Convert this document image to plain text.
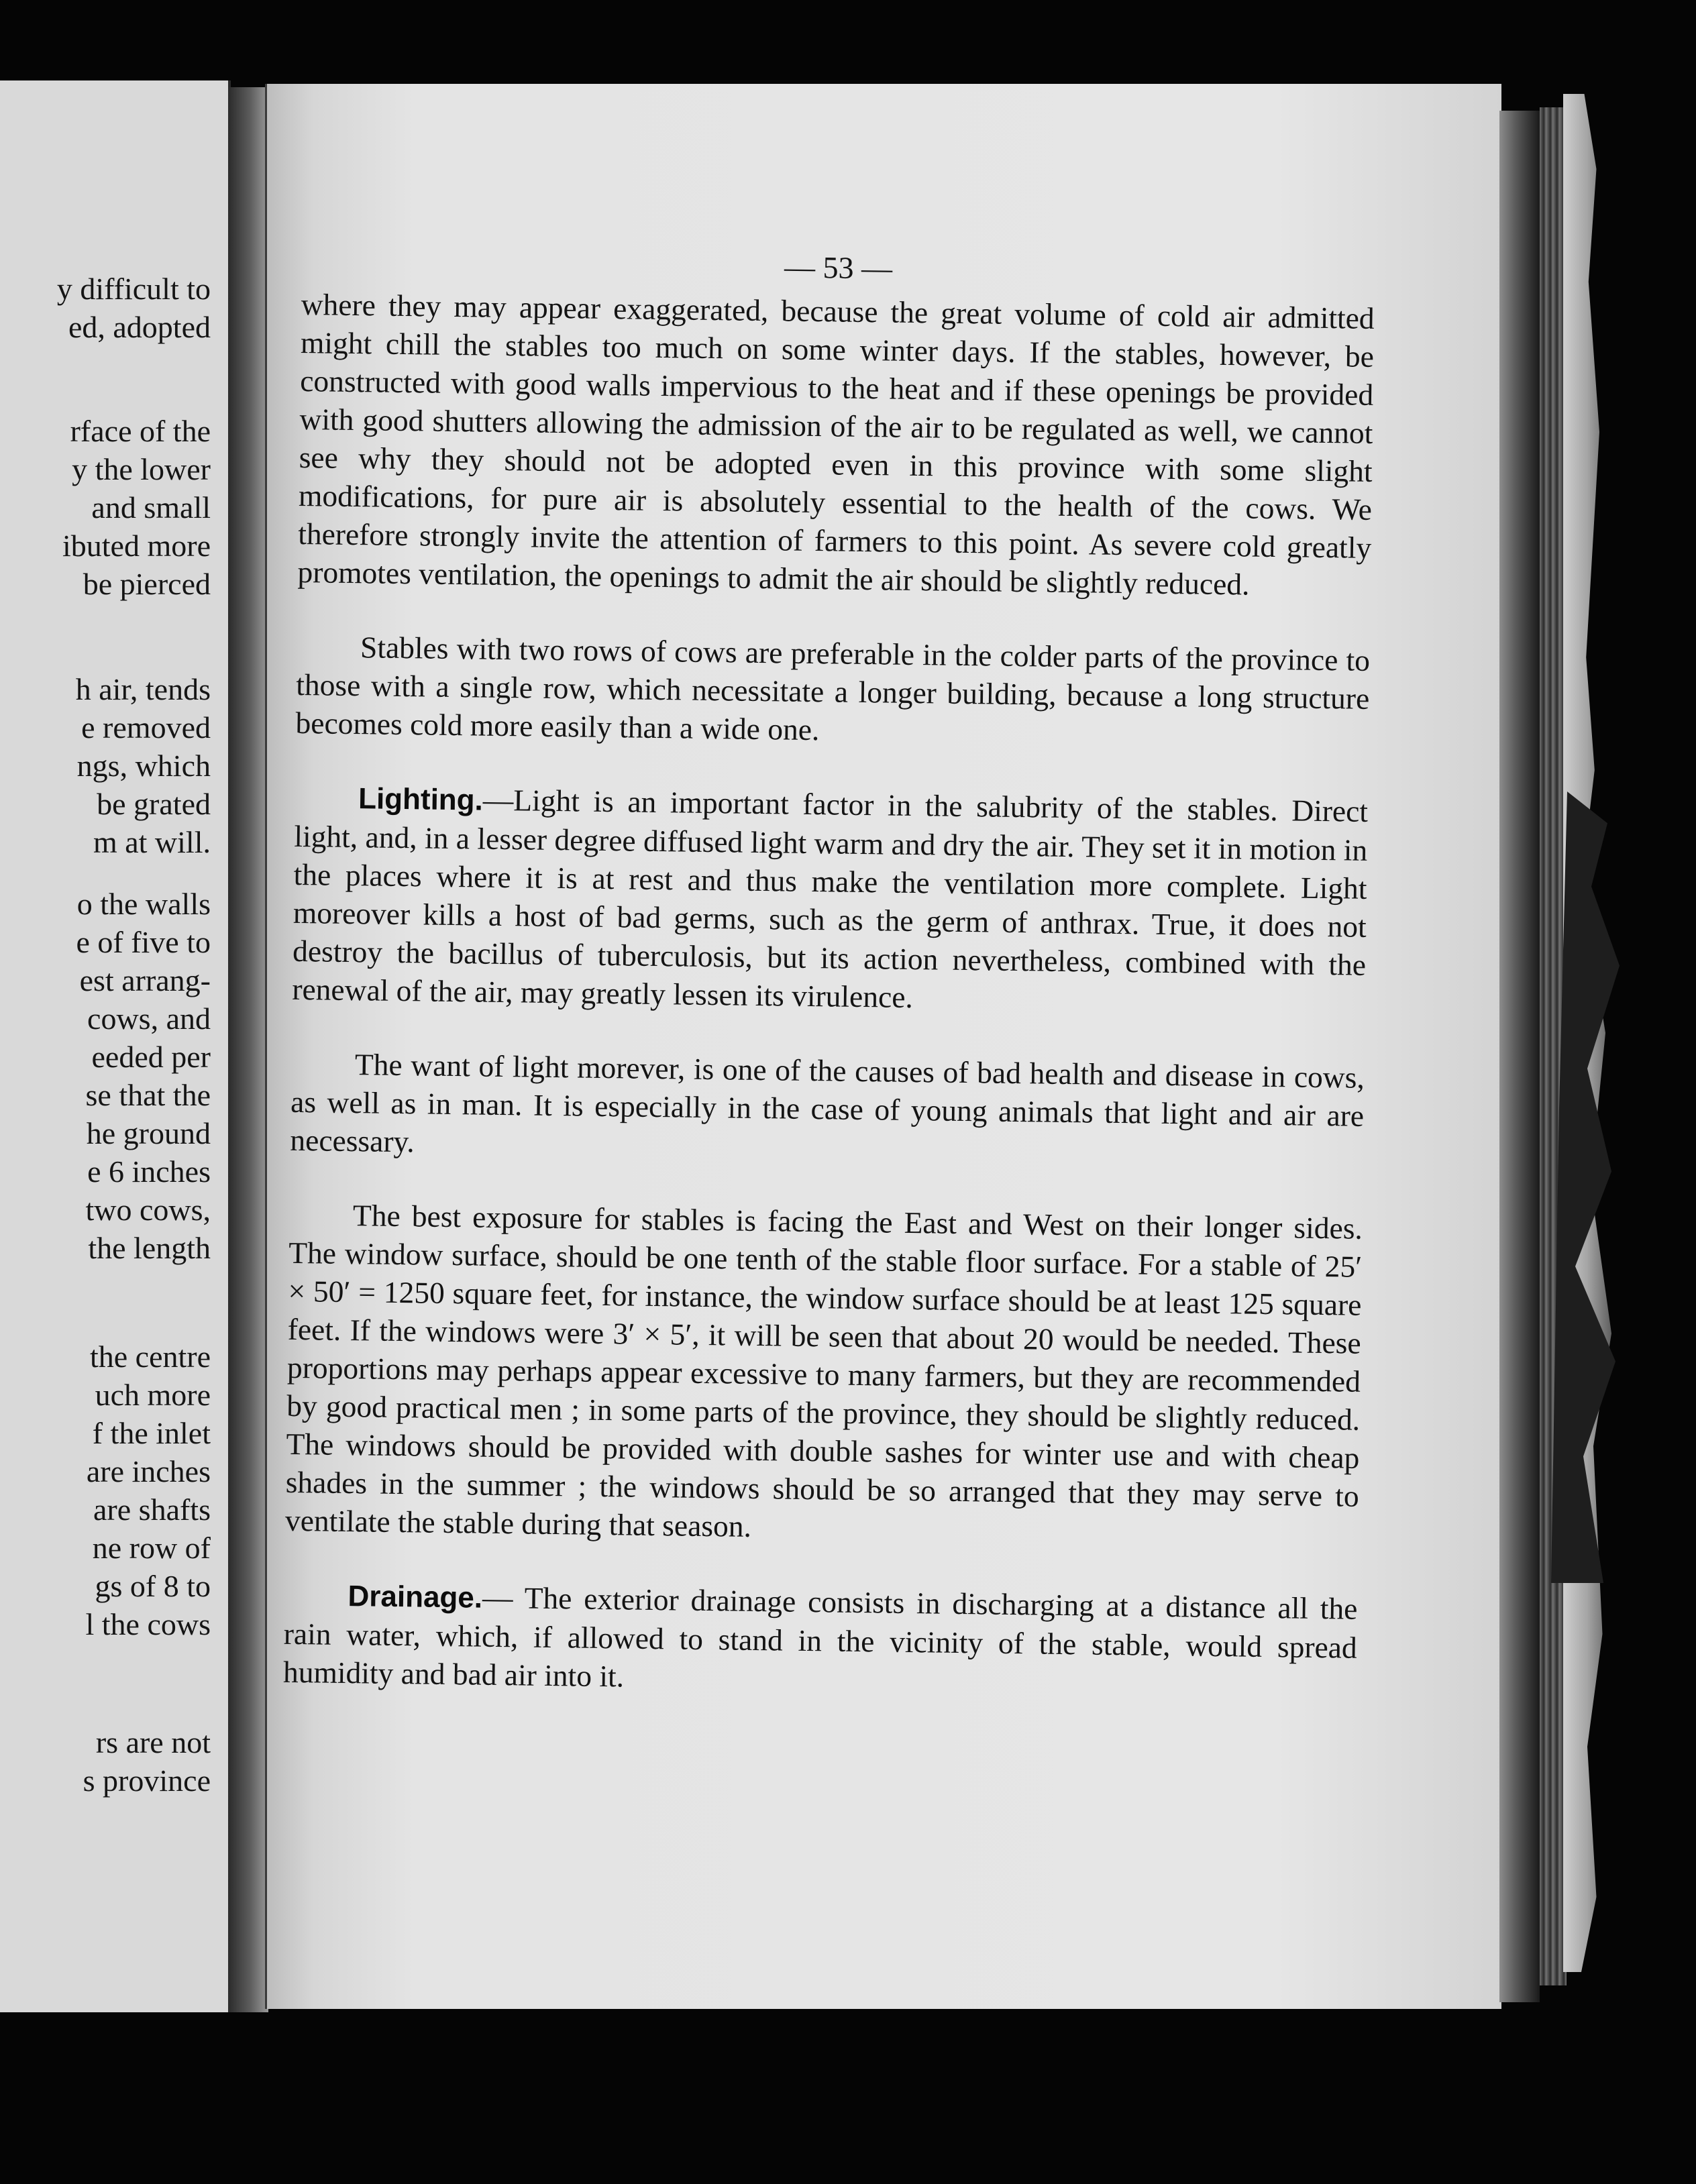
y difficult to

ed, adopted

rface of the

y the lower

and small

ibuted more

be pierced

h air, tends

e removed

ngs, which

be grated

m at will.

o the walls

e of five to

est arrang-

cows, and

eeded per

se that the

he ground

e 6 inches

two cows,

the length

the centre

uch more

f the inlet

are inches

are shafts

ne row of

gs of 8 to

l the cows

rs are not

s province

— 53 —

where they may appear exaggerated, because the great volume of cold air admitted might chill the stables too much on some winter days. If the stables, however, be constructed with good walls impervious to the heat and if these openings be provided with good shutters allowing the admission of the air to be regulated as well, we cannot see why they should not be adopted even in this province with some slight modifications, for pure air is absolutely essential to the health of the cows. We therefore strongly invite the attention of farmers to this point. As severe cold greatly promotes ventilation, the openings to admit the air should be slightly reduced.

Stables with two rows of cows are preferable in the colder parts of the province to those with a single row, which necessitate a longer building, because a long structure becomes cold more easily than a wide one.

Lighting.—Light is an important factor in the salubrity of the stables. Direct light, and, in a lesser degree diffused light warm and dry the air. They set it in motion in the places where it is at rest and thus make the ventilation more complete. Light moreover kills a host of bad germs, such as the germ of anthrax. True, it does not destroy the bacillus of tuberculosis, but its action nevertheless, combined with the renewal of the air, may greatly lessen its virulence.

The want of light morever, is one of the causes of bad health and disease in cows, as well as in man. It is especially in the case of young animals that light and air are necessary.

The best exposure for stables is facing the East and West on their longer sides. The window surface, should be one tenth of the stable floor surface. For a stable of 25′ × 50′ = 1250 square feet, for instance, the window surface should be at least 125 square feet. If the windows were 3′ × 5′, it will be seen that about 20 would be needed. These proportions may perhaps appear excessive to many farmers, but they are recommended by good practical men ; in some parts of the province, they should be slightly reduced. The windows should be provided with double sashes for winter use and with cheap shades in the summer ; the windows should be so arranged that they may serve to ventilate the stable during that season.

Drainage.— The exterior drainage consists in discharging at a distance all the rain water, which, if allowed to stand in the vicinity of the stable, would spread humidity and bad air into it.
